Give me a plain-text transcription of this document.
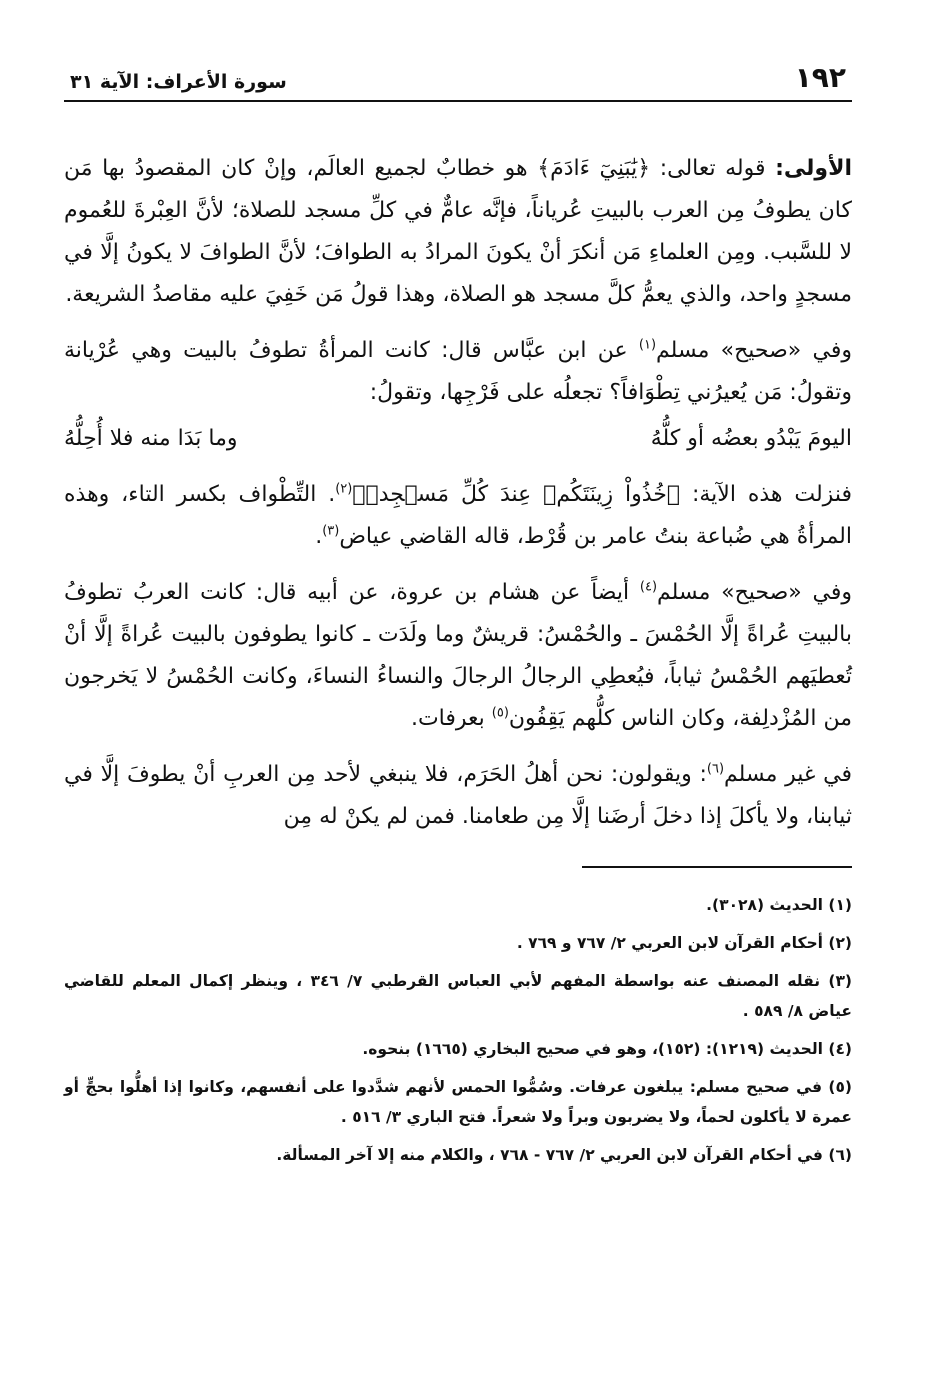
١٩٢
سورة الأعراف: الآية ٣١

الأولى: قوله تعالى: ﴿يَٰبَنِيٓ ءَادَمَ﴾ هو خطابٌ لجميع العالَم، وإنْ كان المقصودُ بها مَن كان يطوفُ مِن العرب بالبيتِ عُرياناً، فإنَّه عامٌّ في كلِّ مسجد للصلاة؛ لأنَّ العِبْرةَ للعُموم لا للسَّبب. ومِن العلماءِ مَن أنكرَ أنْ يكونَ المرادُ به الطوافَ؛ لأنَّ الطوافَ لا يكونُ إلَّا في مسجدٍ واحد، والذي يعمُّ كلَّ مسجد هو الصلاة، وهذا قولُ مَن خَفِيَ عليه مقاصدُ الشريعة.

وفي «صحيح» مسلم$^{(١)}$ عن ابن عبَّاس قال: كانت المرأةُ تطوفُ بالبيت وهي عُرْيانة وتقولُ: مَن يُعيرُني تِطْوَافاً؟ تجعلُه على فَرْجِها، وتقولُ:

اليومَ يَبْدُو بعضُه أو كلُّهُ
وما بَدَا منه فلا أُحِلُّهُ

فنزلت هذه الآية: ﴿خُذُواْ زِينَتَكُمۡ عِندَ كُلِّ مَسۡجِدٖ﴾$^{(٢)}$. التِّطْواف بكسر التاء، وهذه المرأةُ هي ضُباعة بنتُ عامر بن قُرْط، قاله القاضي عياض$^{(٣)}$.

وفي «صحيح» مسلم$^{(٤)}$ أيضاً عن هشام بن عروة، عن أبيه قال: كانت العربُ تطوفُ بالبيتِ عُراةً إلَّا الحُمْسَ ـ والحُمْسُ: قريشٌ وما ولَدَت ـ كانوا يطوفون بالبيت عُراةً إلَّا أنْ تُعطيَهم الحُمْسُ ثياباً، فيُعطِي الرجالُ الرجالَ والنساءُ النساءَ، وكانت الحُمْسُ لا يَخرجون من المُزْدلِفة، وكان الناس كلُّهم يَقِفُون$^{(٥)}$ بعرفات.

في غير مسلم$^{(٦)}$: ويقولون: نحن أهلُ الحَرَم، فلا ينبغي لأحد مِن العربِ أنْ يطوفَ إلَّا في ثيابنا، ولا يأكلَ إذا دخلَ أرضَنا إلَّا مِن طعامنا. فمن لم يكنْ له مِن

(١) الحديث (٣٠٢٨).
(٢) أحكام القرآن لابن العربي ٢/ ٧٦٧ و ٧٦٩ .
(٣) نقله المصنف عنه بواسطة المفهم لأبي العباس القرطبي ٧/ ٣٤٦ ، وينظر إكمال المعلم للقاضي عياض ٨/ ٥٨٩ .
(٤) الحديث (١٢١٩): (١٥٢)، وهو في صحيح البخاري (١٦٦٥) بنحوه.
(٥) في صحيح مسلم: يبلغون عرفات. وسُمُّوا الحمس لأنهم شدَّدوا على أنفسهم، وكانوا إذا أهلُّوا بحجٍّ أو عمرة لا يأكلون لحماً، ولا يضربون وبراً ولا شعراً. فتح الباري ٣/ ٥١٦ .
(٦) في أحكام القرآن لابن العربي ٢/ ٧٦٧ - ٧٦٨ ، والكلام منه إلا آخر المسألة.
